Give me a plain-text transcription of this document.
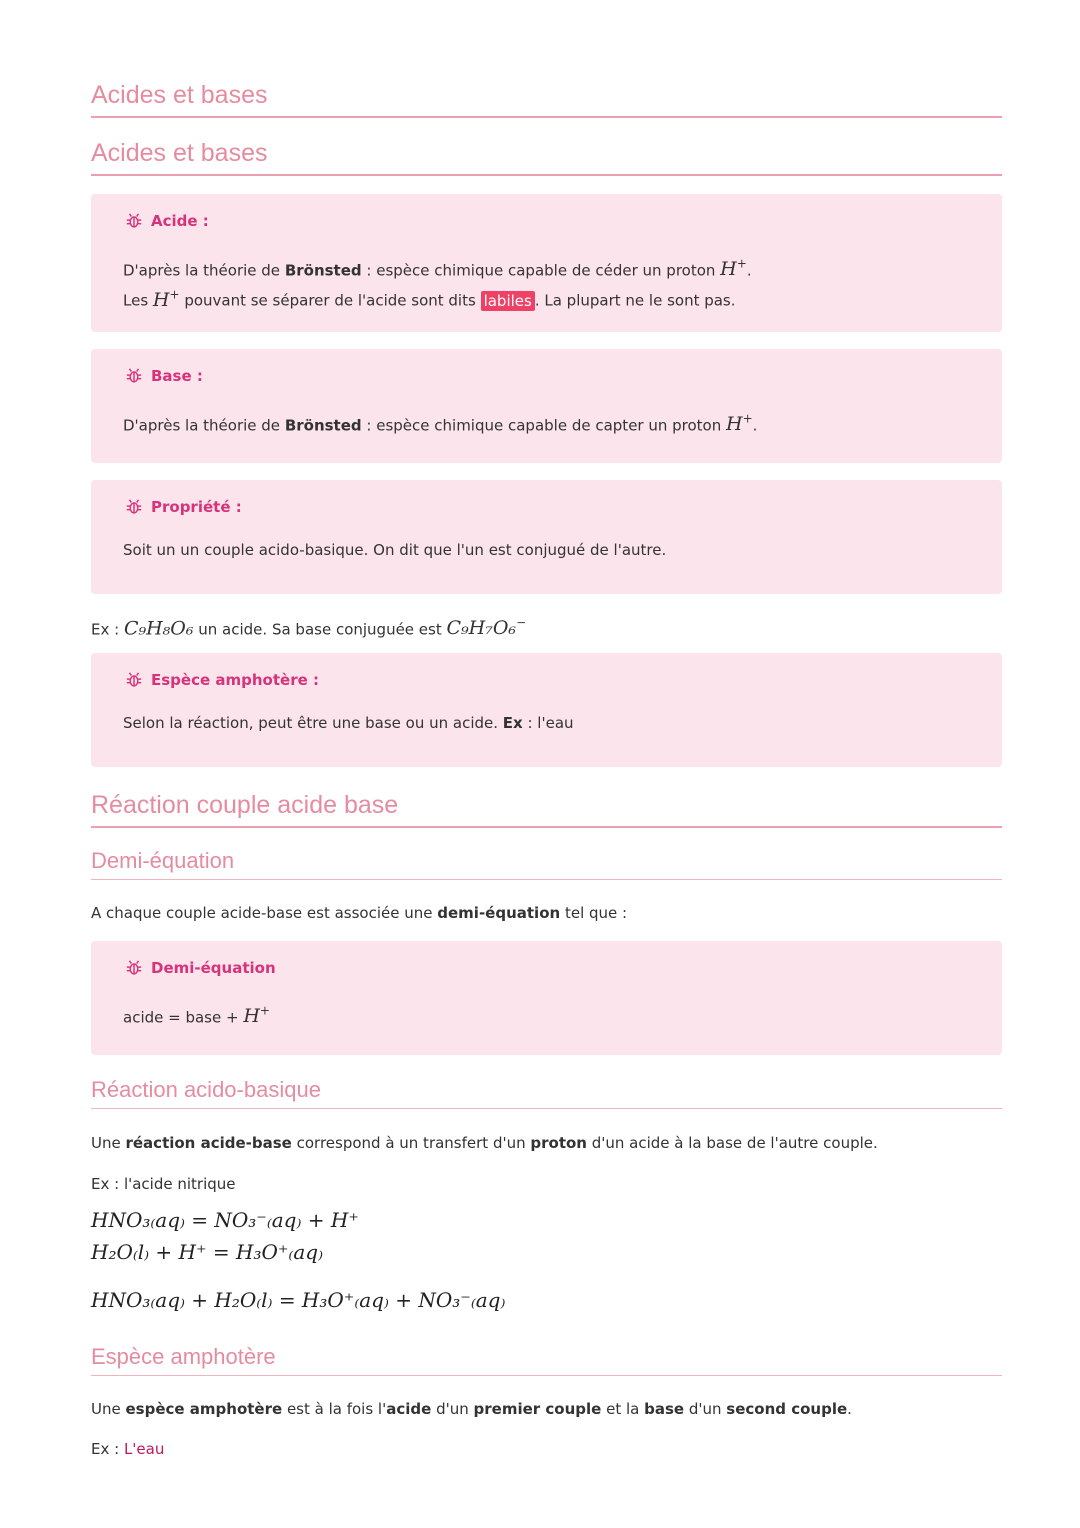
Acides et bases
Acides et bases
Acide :
D'après la théorie de Brönsted : espèce chimique capable de céder un proton H+.
Les H+ pouvant se séparer de l'acide sont dits labiles . La plupart ne le sont pas.
Base :
D'après la théorie de Brönsted : espèce chimique capable de capter un proton H+.
Propriété :
Soit un un couple acido-basique. On dit que l'un est conjugué de l'autre.
Ex : C₉H₈O₆ un acide. Sa base conjuguée est C₉H₇O₆−
Espèce amphotère :
Selon la réaction, peut être une base ou un acide. Ex : l'eau
Réaction couple acide base
Demi-équation
A chaque couple acide-base est associée une demi-équation tel que :
Demi-équation
acide = base + H+
Réaction acido-basique
Une réaction acide-base correspond à un transfert d'un proton d'un acide à la base de l'autre couple.
Ex : l'acide nitrique
HNO₃₍aq₎ = NO₃⁻₍aq₎ + H⁺
H₂O₍l₎ + H⁺ = H₃O⁺₍aq₎
HNO₃₍aq₎ + H₂O₍l₎ = H₃O⁺₍aq₎ + NO₃⁻₍aq₎
Espèce amphotère
Une espèce amphotère est à la fois l'acide d'un premier couple et la base d'un second couple.
Ex : L'eau
